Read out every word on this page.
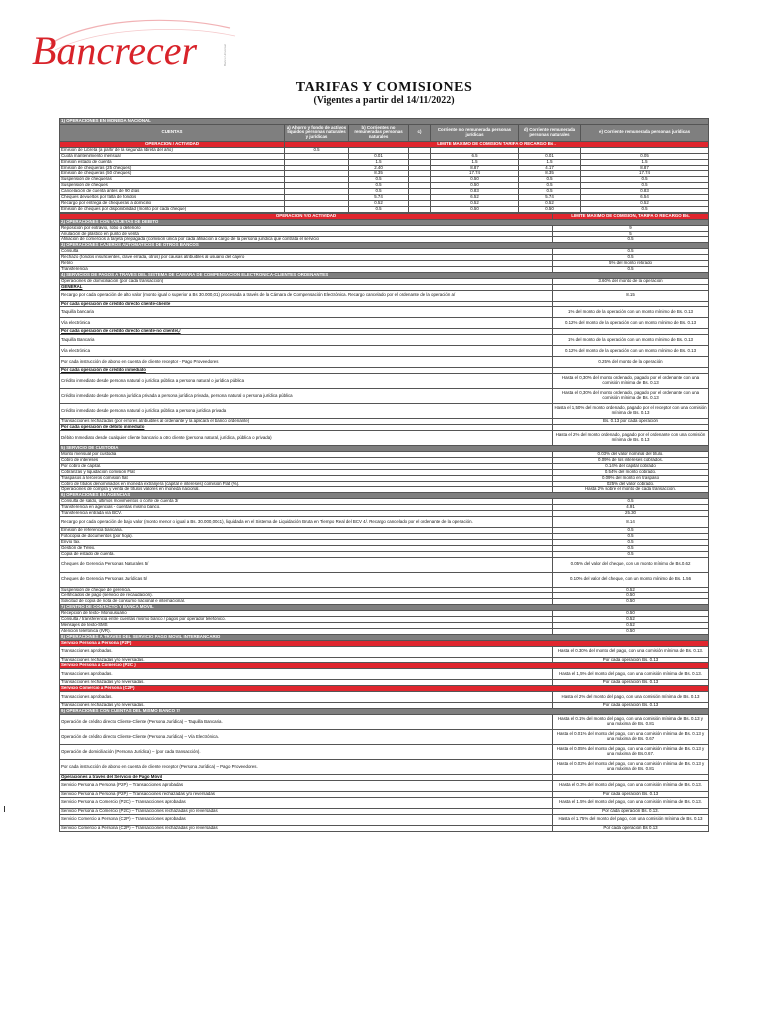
Bancrecer	Banco Universal
TARIFAS Y COMISIONES
(Vigentes a partir del 14/11/2022)
1) OPERACIONES EN MONEDA NACIONAL						
CUENTAS	a) Ahorro y fondo de activos líquidos personas naturales y jurídicas	b) Corrientes no remuneradas personas naturales	c)	Corriente no remunerada personas jurídicas	d) Corriente remunerada personas naturales	e) Corriente remunerada personas jurídicas
OPERACION / ACTIVIDAD	LIMITE MAXIMO DE COMISION TARIFA O RECARGO Bs .					
Emisión de Libreta (a partir de la segunda libreta del año)	0.5					
Cuota mantenimiento mensual		0.01		6.5	0.01	0.05
Emisión estado de cuenta		1.5		1.5	1.5	1.5
Emisión de chequeras (25 cheques)		2.40		8.87	4.17	8.87
Emisión de chequeras (50 cheques)		8.35		17.74	8.35	17.74
Suspensión de chequeras		0.5		0.50	0.5	0.5
Suspensión de cheques		0.5		0.50	0.5	0.5
Cancelación de cuenta antes de 90 días		0.5		0.83	0.5	0.83
Cheques devueltos por falta de fondos		5.74		6.52	5.74	6.54
Recargo por entrega de chequeras a domicilio		0.52		0.52	0.52	0.52
Emisión de cheques por disponibilidad (monto por cada cheque)		0.5		0.50	0.50	0.5
OPERACION Y/O ACTIVIDAD	LIMITE MAXIMO DE COMISION, TARIFA O RECARGO Bs.
2) OPERACIONES CON TARJETAS DE DEBITO	
Reposición por extravío, robo o deterioro	9
Anulación de plástico en punto de venta	5
Afiliación de comercios a tarjeta prepagada (comisión única por cada afiliación a cargo de la persona jurídica que contrata el servicio	0.5
3) OPERACIONES CAJEROS AUTOMATICOS DE OTROS BANCOS	
Consulta	0.5
Rechazo (fondos insuficientes, clave errada, otros) por causas atribuibles al usuario del cajero	0.5
Retiro	5% del monto retirado
Transferencia	0.5
4) SERVICIOS DE PAGOS A TRAVES DEL SISTEMA DE CAMARA DE COMPENSACION ELECTRONICA-CLIENTES ORDENANTES	
Operaciones de domiciliación (por cada transacción)	3.60% del monto de la operación
GENERAL	
Recargo por cada operación de alto valor (monto igual o superior a Bs 30.000,01) procesada a través de la Cámara de Compensación Electrónica. Recargo cancelado por el ordenante de la operación a/	8.15
Por cada operación de crédito directo cliente-cliente	
Taquilla bancaria	1% del monto de la operación con un monto mínimo de Bs. 0.13
Vía electrónica	0.12% del monto de la operación con un monto mínimo de Bs. 0.13
Por cada operación de crédito directo cliente-no cliente/,/	
Taquilla Bancaria	1% del monto de la operación con un monto mínimo de Bs. 0.13
Vía electrónica	0.12% del monto de la operación con un monto mínimo de Bs. 0.13
Por cada instrucción de abono en cuenta de cliente receptor - Pago Proveedores	0.25% del monto de la operación
Por cada operación de crédito inmediato	
Crédito inmediato desde persona natural o jurídica pública a persona natural o jurídica pública	Hasta el 0,30% del monto ordenado, pagado por el ordenante con una comisión mínima de Bs. 0.13
Crédito inmediato desde persona jurídica privada a persona jurídica privada, persona natural o persona jurídica pública	Hasta el 0,30% del monto ordenado, pagado por el ordenante con una comisión mínima de Bs. 0.13
Crédito inmediato desde persona natural o jurídica pública a persona jurídica privada	Hasta el 1,50% del monto ordenado, pagado por el receptor con una comisión mínima de Bs. 0.13
Transacciones rechazadas (por errores atribuibles al ordenante y la aplicará el banco ordenante)	Bs. 0.13 por cada operación
Por cada operación de débito inmediato	
Débito Inmediato desde cualquier cliente bancario a otro cliente (persona natural, jurídica, pública o privada)	Hasta el 2% del monto ordenado, pagado por el ordenante con una comisión mínima de Bs. 0.13
5) SERVICIO DE CUSTODIA	
Monto mensual por custodia	0.03% del valor nominal del título.
Cobro de intereses	0.09% de los intereses cobrados.
Por cobro de capital.	0.14% del capital cobrado
Cobranzas y liquidación comisión Flat	0.54% del monto cobrado.
Traspasos a terceros comisión flat	0.09% del monto en traspaso
Cobro de títulos denominados en moneda extranjera (capital e intereses) comisión Flat (%).	025% del valor cobrado.
Operaciones de compra y venta de títulos valores en moneda nacional.	Hasta 2% sobre el monto de cada transacción.
6) OPERACIONES EN AGENCIAS	
Consulta de saldo, últimos movimientos o corte de cuenta 3/	0.5
Transferencia en agencias - cuentas mismo banco.	4.91
Transferencia entrada vía BCV.	25.30
Recargo por cada operación de bajo valor (monto menor o igual a Bs. 30.000,00c1), liquidada en el Sistema de Liquidación Bruta en Tiempo Real del BCV 4/. Recargo cancelado por el ordenante de la operación.	8.14
Emisión de referencia bancaria.	0.5
Fotocopia de documentos (por hoja).	0.5
Envío fax.	0.5
Gestión de Télex.	0.5
Copia de estado de cuenta.	0.5
Cheques de Gerencia Personas Naturales 5/	0.05% del valor del cheque, con un monto mínimo de Bs.0.62
Cheques de Gerencia Personas Jurídicas 5/	0.10% del valor del cheque, con un monto mínimo de Bs. 1.56
Suspensión de cheque de gerencia.	0.52
Certificados de pago (servicio de recaudación).	0.50
Solicitud de copia de nota de consumo nacional e internacional.	0.50
7) CENTRO DE CONTACTO Y BANCA MOVIL	
Recepción de texto- Monousuario	0.50
Consulta / transferencia entre cuentas mismo banco / pagos por operador telefónico.	0.52
Mensajes de texto-SMS	0.52
Atención telefónica (IVR).	0.50
8) OPERACIONES A TRAVES DEL SERVICIO PAGO MOVIL INTERBANCARIO	
Servicio Persona a Persona (P2P)	
Transacciones aprobadas.	Hasta el 0.30% del monto del pago, con una comisión mínima de Bs. 0.13.
Transacciones rechazadas y/o reversadas.	Por cada operación Bs. 0.13
Servicio Persona a Comercio (P2C )	
Transacciones aprobadas.	Hasta el 1,5% del monto del pago, con una comisión mínima de Bs. 0.13.
Transacciones rechazadas y/o reversadas.	Por cada operación Bs. 0.13
Servicio Comercio a Persona (C2P)	
Transacciones aprobadas.	Hasta el 2% del monto del pago, con una comisión mínima de Bs. 0.13
Transacciones rechazadas y/o reversadas.	Por cada operación Bs. 0.13
9) OPERACIONES CON CUENTAS DEL MISMO BANCO 7/	
Operación de crédito directo Cliente-Cliente (Persona Jurídica) – Taquilla Bancaria.	Hasta el 0.1% del monto del pago, con una comisión mínima de Bs. 0.13 y una máxima de Bs. 0.81
Operación de crédito directo Cliente-Cliente (Persona Jurídica) – Vía Electrónica.	Hasta el 0.01% del monto del pago, con una comisión mínima de Bs. 0.13 y una máxima de Bs. 0.67
Operación de domiciliación (Persona Jurídica) – (por cada transacción).	Hasta el 0.05% del monto del pago, con una comisión mínima de Bs. 0.13 y una máxima de Bs.0.67.
Por cada instrucción de abono en cuenta de cliente receptor (Persona Jurídica) – Pago Proveedores.	Hasta el 0.02% del monto del pago, con una comisión mínima de Bs. 0.13 y una máxima de Bs. 0.81
Operaciones a través del Servicio de Pago Móvil	
Servicio Persona a Persona (P2P) – Transacciones aprobadas	Hasta el 0.3% del monto del pago, con una comisión mínima de Bs. 0.13.
Servicio Persona a Persona (P2P) – Transacciones rechazadas y/o reversadas	Por cada operación Bs. 0.13
Servicio Persona a Comercio (P2C) – Transacciones aprobadas	Hasta el 1.5% del monto del pago, con una comisión mínima de Bs. 0.13.
Servicio Persona a Comercio (P2C) – Transacciones rechazadas y/o reversadas	Por cada operación Bs. 0.13.
Servicio Comercio a Persona (C2P) – Transacciones aprobadas	Hasta el 1.75% del monto del pago, con una comisión mínima de Bs. 0.13
Servicio Comercio a Persona (C2P) – Transacciones rechazadas y/o reversadas	Por cada operación Bs 0.13
